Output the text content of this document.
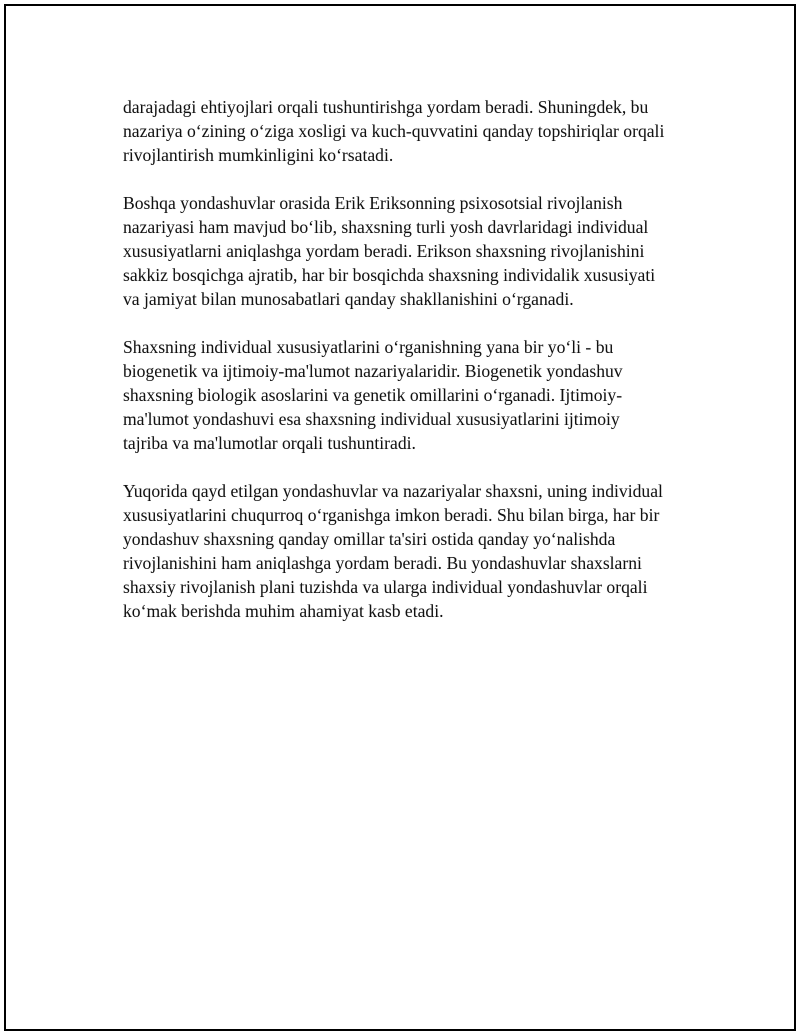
darajadagi ehtiyojlari orqali tushuntirishga yordam beradi. Shuningdek, bu
nazariya o‘zining o‘ziga xosligi va kuch-quvvatini qanday topshiriqlar orqali
rivojlantirish mumkinligini ko‘rsatadi.

Boshqa yondashuvlar orasida Erik Eriksonning psixosotsial rivojlanish
nazariyasi ham mavjud bo‘lib, shaxsning turli yosh davrlaridagi individual
xususiyatlarni aniqlashga yordam beradi. Erikson shaxsning rivojlanishini
sakkiz bosqichga ajratib, har bir bosqichda shaxsning individalik xususiyati
va jamiyat bilan munosabatlari qanday shakllanishini o‘rganadi.

Shaxsning individual xususiyatlarini o‘rganishning yana bir yo‘li - bu
biogenetik va ijtimoiy-ma'lumot nazariyalaridir. Biogenetik yondashuv
shaxsning biologik asoslarini va genetik omillarini o‘rganadi. Ijtimoiy-
ma'lumot yondashuvi esa shaxsning individual xususiyatlarini ijtimoiy
tajriba va ma'lumotlar orqali tushuntiradi.

Yuqorida qayd etilgan yondashuvlar va nazariyalar shaxsni, uning individual
xususiyatlarini chuqurroq o‘rganishga imkon beradi. Shu bilan birga, har bir
yondashuv shaxsning qanday omillar ta'siri ostida qanday yo‘nalishda
rivojlanishini ham aniqlashga yordam beradi. Bu yondashuvlar shaxslarni
shaxsiy rivojlanish plani tuzishda va ularga individual yondashuvlar orqali
ko‘mak berishda muhim ahamiyat kasb etadi.
